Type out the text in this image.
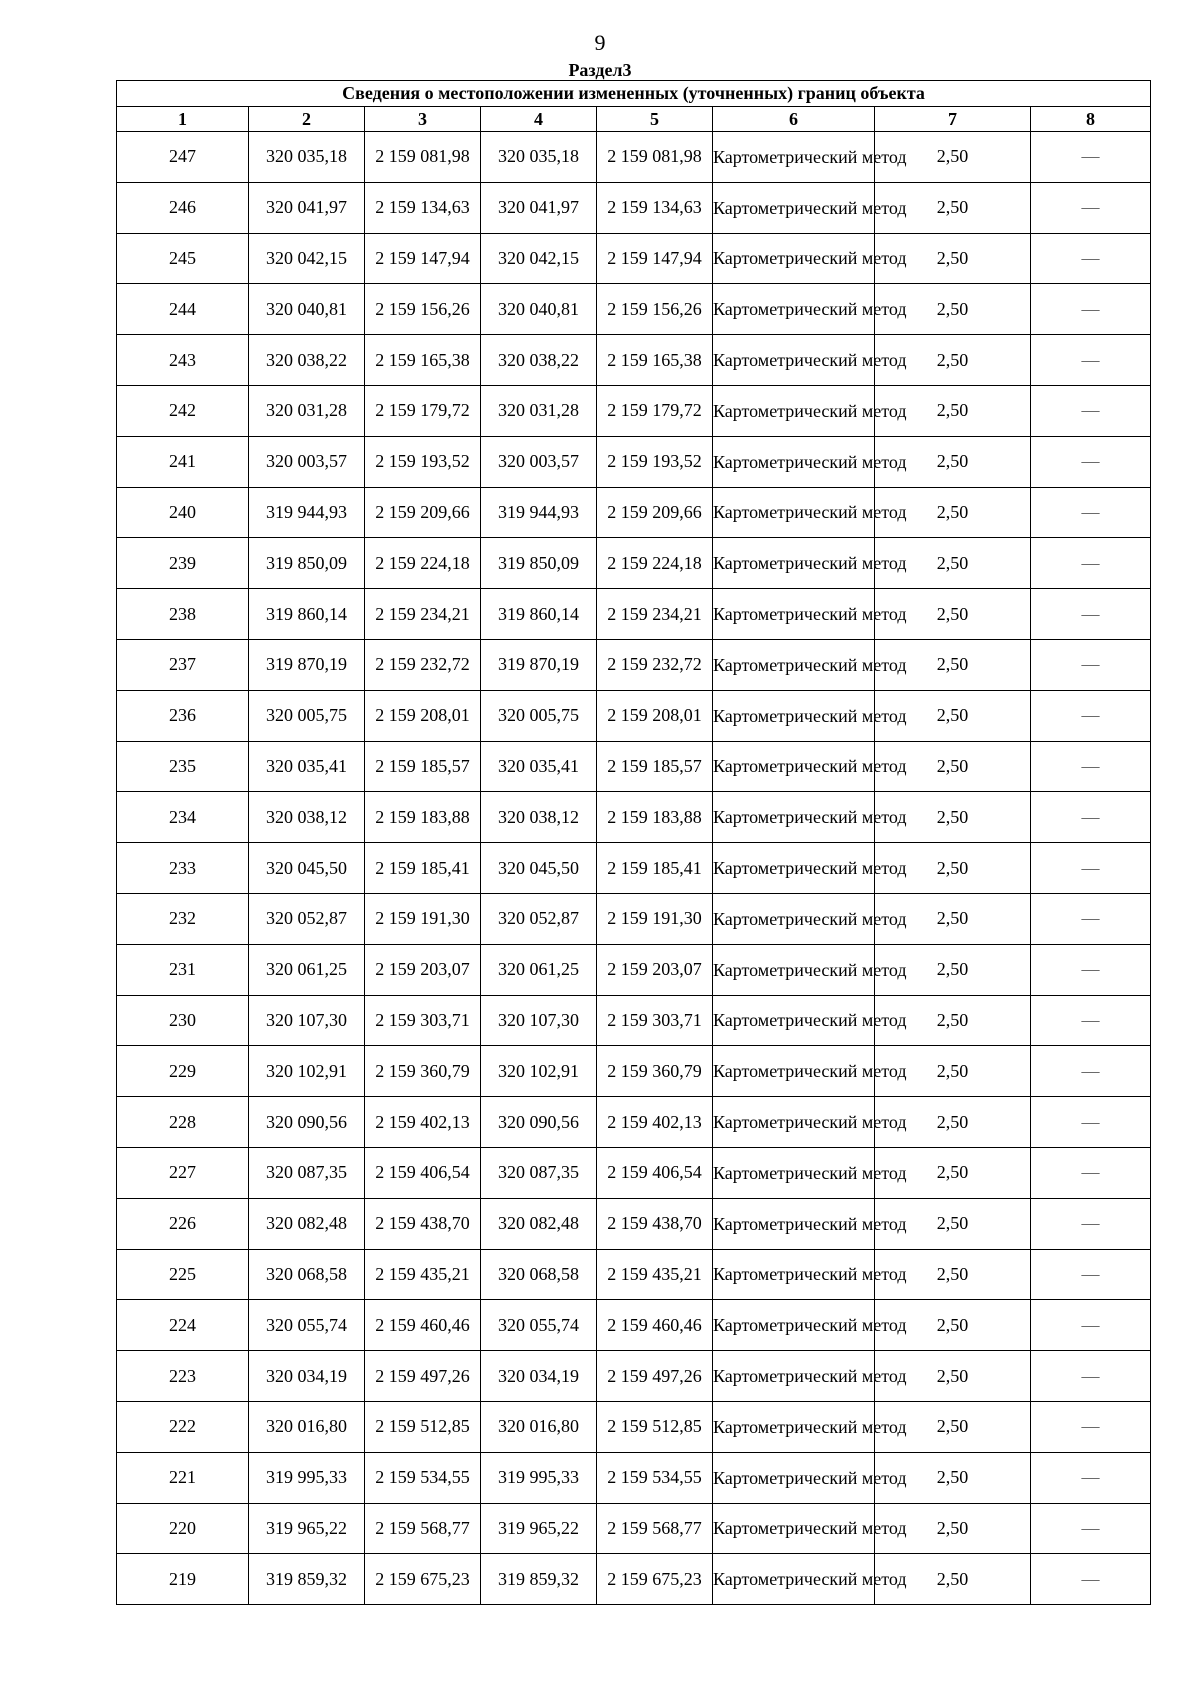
9
Раздел3
Сведения о местоположении измененных (уточненных) границ объекта							
1	2	3	4	5	6	7	8
247	320 035,18	2 159 081,98	320 035,18	2 159 081,98	Картометрический метод	2,50	—
246	320 041,97	2 159 134,63	320 041,97	2 159 134,63	Картометрический метод	2,50	—
245	320 042,15	2 159 147,94	320 042,15	2 159 147,94	Картометрический метод	2,50	—
244	320 040,81	2 159 156,26	320 040,81	2 159 156,26	Картометрический метод	2,50	—
243	320 038,22	2 159 165,38	320 038,22	2 159 165,38	Картометрический метод	2,50	—
242	320 031,28	2 159 179,72	320 031,28	2 159 179,72	Картометрический метод	2,50	—
241	320 003,57	2 159 193,52	320 003,57	2 159 193,52	Картометрический метод	2,50	—
240	319 944,93	2 159 209,66	319 944,93	2 159 209,66	Картометрический метод	2,50	—
239	319 850,09	2 159 224,18	319 850,09	2 159 224,18	Картометрический метод	2,50	—
238	319 860,14	2 159 234,21	319 860,14	2 159 234,21	Картометрический метод	2,50	—
237	319 870,19	2 159 232,72	319 870,19	2 159 232,72	Картометрический метод	2,50	—
236	320 005,75	2 159 208,01	320 005,75	2 159 208,01	Картометрический метод	2,50	—
235	320 035,41	2 159 185,57	320 035,41	2 159 185,57	Картометрический метод	2,50	—
234	320 038,12	2 159 183,88	320 038,12	2 159 183,88	Картометрический метод	2,50	—
233	320 045,50	2 159 185,41	320 045,50	2 159 185,41	Картометрический метод	2,50	—
232	320 052,87	2 159 191,30	320 052,87	2 159 191,30	Картометрический метод	2,50	—
231	320 061,25	2 159 203,07	320 061,25	2 159 203,07	Картометрический метод	2,50	—
230	320 107,30	2 159 303,71	320 107,30	2 159 303,71	Картометрический метод	2,50	—
229	320 102,91	2 159 360,79	320 102,91	2 159 360,79	Картометрический метод	2,50	—
228	320 090,56	2 159 402,13	320 090,56	2 159 402,13	Картометрический метод	2,50	—
227	320 087,35	2 159 406,54	320 087,35	2 159 406,54	Картометрический метод	2,50	—
226	320 082,48	2 159 438,70	320 082,48	2 159 438,70	Картометрический метод	2,50	—
225	320 068,58	2 159 435,21	320 068,58	2 159 435,21	Картометрический метод	2,50	—
224	320 055,74	2 159 460,46	320 055,74	2 159 460,46	Картометрический метод	2,50	—
223	320 034,19	2 159 497,26	320 034,19	2 159 497,26	Картометрический метод	2,50	—
222	320 016,80	2 159 512,85	320 016,80	2 159 512,85	Картометрический метод	2,50	—
221	319 995,33	2 159 534,55	319 995,33	2 159 534,55	Картометрический метод	2,50	—
220	319 965,22	2 159 568,77	319 965,22	2 159 568,77	Картометрический метод	2,50	—
219	319 859,32	2 159 675,23	319 859,32	2 159 675,23	Картометрический метод	2,50	—
